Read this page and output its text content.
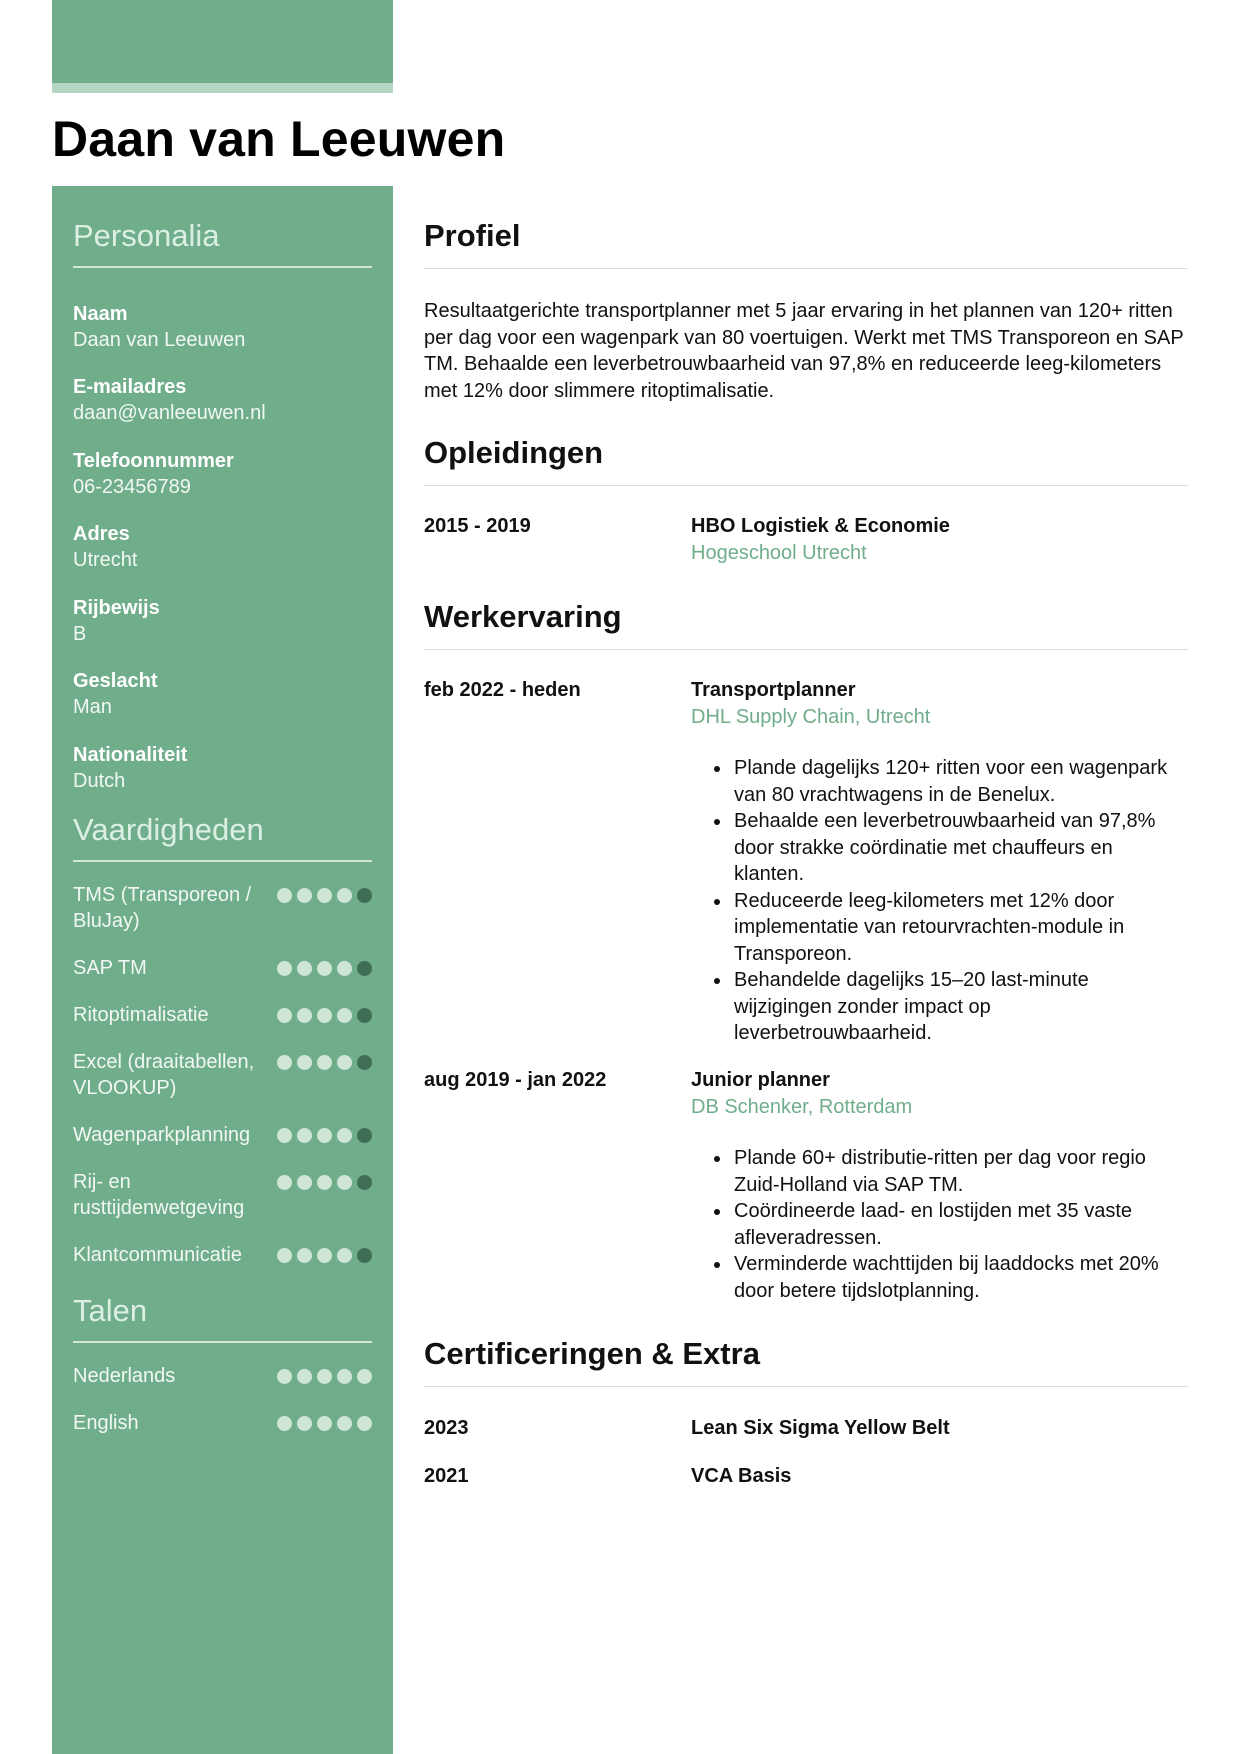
Daan van Leeuwen
Personalia
Naam
Daan van Leeuwen
E-mailadres
daan@vanleeuwen.nl
Telefoonnummer
06-23456789
Adres
Utrecht
Rijbewijs
B
Geslacht
Man
Nationaliteit
Dutch
Vaardigheden
TMS (Transporeon / BluJay)
SAP TM
Ritoptimalisatie
Excel (draaitabellen, VLOOKUP)
Wagenparkplanning
Rij- en rusttijdenwetgeving
Klantcommunicatie
Talen
Nederlands
English
Profiel
Resultaatgerichte transportplanner met 5 jaar ervaring in het plannen van 120+ ritten per dag voor een wagenpark van 80 voertuigen. Werkt met TMS Transporeon en SAP TM. Behaalde een leverbetrouwbaarheid van 97,8% en reduceerde leeg-kilometers met 12% door slimmere ritoptimalisatie.
Opleidingen
2015 - 2019	HBO Logistiek & Economie
Hogeschool Utrecht
Werkervaring
feb 2022 - heden	Transportplanner
DHL Supply Chain, Utrecht
• Plande dagelijks 120+ ritten voor een wagenpark van 80 vrachtwagens in de Benelux.
• Behaalde een leverbetrouwbaarheid van 97,8% door strakke coördinatie met chauffeurs en klanten.
• Reduceerde leeg-kilometers met 12% door implementatie van retourvrachten-module in Transporeon.
• Behandelde dagelijks 15–20 last-minute wijzigingen zonder impact op leverbetrouwbaarheid.
aug 2019 - jan 2022	Junior planner
DB Schenker, Rotterdam
• Plande 60+ distributie-ritten per dag voor regio Zuid-Holland via SAP TM.
• Coördineerde laad- en lostijden met 35 vaste afleveradressen.
• Verminderde wachttijden bij laaddocks met 20% door betere tijdslotplanning.
Certificeringen & Extra
2023	Lean Six Sigma Yellow Belt
2021	VCA Basis
